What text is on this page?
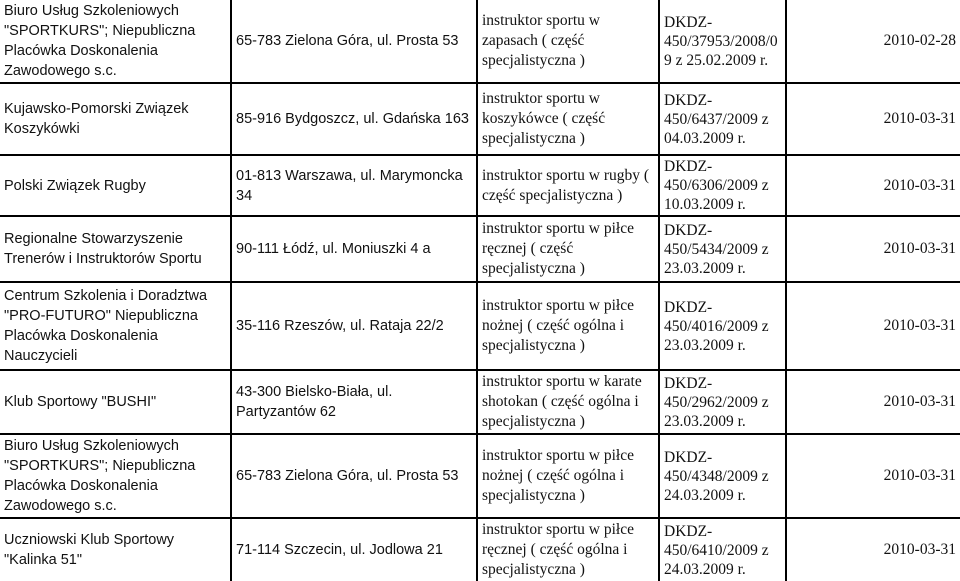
Biuro Usług Szkoleniowych "SPORTKURS"; Niepubliczna Placówka Doskonalenia Zawodowego s.c.	65-783 Zielona Góra, ul. Prosta 53	instruktor sportu w zapasach ( część specjalistyczna )	DKDZ-
450/37953/2008/0
9 z 25.02.2009 r.	2010-02-28

Kujawsko-Pomorski Związek Koszykówki	85-916 Bydgoszcz, ul. Gdańska 163	instruktor sportu w koszykówce ( część specjalistyczna )	DKDZ-
450/6437/2009 z
04.03.2009 r.	2010-03-31

Polski Związek Rugby	01-813 Warszawa, ul. Marymoncka 34	instruktor sportu w rugby ( część specjalistyczna )	DKDZ-
450/6306/2009 z
10.03.2009 r.	2010-03-31

Regionalne Stowarzyszenie Trenerów i Instruktorów Sportu	90-111 Łódź, ul. Moniuszki 4 a	instruktor sportu w piłce ręcznej ( część specjalistyczna )	DKDZ-
450/5434/2009 z
23.03.2009 r.	2010-03-31

Centrum Szkolenia i Doradztwa "PRO-FUTURO" Niepubliczna Placówka Doskonalenia Nauczycieli	35-116 Rzeszów, ul. Rataja 22/2	instruktor sportu w piłce nożnej ( część ogólna i specjalistyczna )	DKDZ-
450/4016/2009 z
23.03.2009 r.	2010-03-31

Klub Sportowy "BUSHI"	43-300 Bielsko-Biała, ul. Partyzantów 62	instruktor sportu w karate shotokan ( część ogólna i specjalistyczna )	DKDZ-
450/2962/2009 z
23.03.2009 r.	2010-03-31

Biuro Usług Szkoleniowych "SPORTKURS"; Niepubliczna Placówka Doskonalenia Zawodowego s.c.	65-783 Zielona Góra, ul. Prosta 53	instruktor sportu w piłce nożnej ( część ogólna i specjalistyczna )	DKDZ-
450/4348/2009 z
24.03.2009 r.	2010-03-31

Uczniowski Klub Sportowy "Kalinka 51"	71-114 Szczecin, ul. Jodlowa 21	instruktor sportu w piłce ręcznej ( część ogólna i specjalistyczna )	DKDZ-
450/6410/2009 z
24.03.2009 r.	2010-03-31
